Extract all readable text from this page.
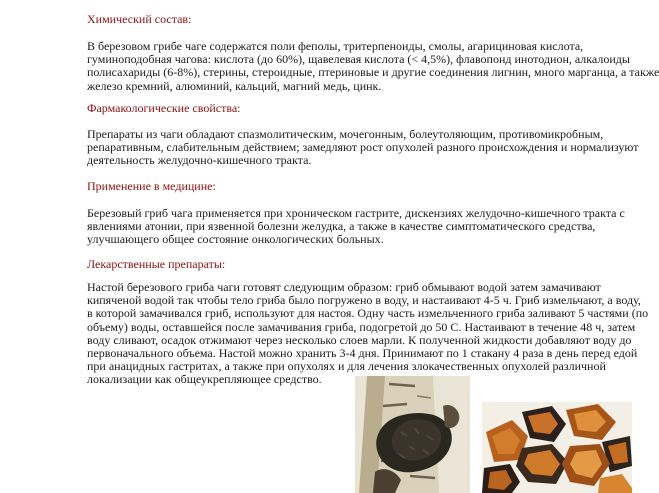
Химический состав:
В березовом грибе чаге содержатся поли феполы, тритерпеноиды, смолы, агарициновая кислота,
гуминоподобная чагова: кислота (до 60%), щавелевая кислота (< 4,5%), флавопонд инотодион, алкалоиды
полисахариды (6-8%), стерины, стероидные, птериновые и другие соединения лигнин, много марганца, а также
железо кремний, алюминий, кальций, магний медь, цинк.
Фармакологические свойства:
Препараты из чаги обладают спазмолитическим, мочегонным, болеутоляющим, противомикробным,
репаративным, слабительным действием; замедляют рост опухолей разного происхождения и нормализуют
деятельность желудочно-кишечного тракта.
Применение в медицине:
Березовый гриб чага применяется при хроническом гастрите, дискензиях желудочно-кишечного тракта с
явлениями атонии, при язвенной болезни желудка, а также в качестве симптоматического средства,
улучшающего общее состояние онкологических больных.
Лекарственные препараты:
Настой березового гриба чаги готовят следующим образом: гриб обмывают водой затем замачивают
кипяченой водой так чтобы тело гриба было погружено в воду, и настаивают 4-5 ч. Гриб измельчают, а воду,
в которой замачивался гриб, используют для настоя. Одну часть измельченного гриба заливают 5 частями (по
объему) воды, оставшейся после замачивания гриба, подогретой до 50 С. Настаивают в течение 48 ч, затем
воду сливают, осадок отжимают через несколько слоев марли. К полученной жидкости добавляют воду до
первоначального объема. Настой можно хранить 3-4 дня. Принимают по 1 стакану 4 раза в день перед едой
при анацидных гастритах, а также при опухолях и для лечения злокачественных опухолей различной
локализации как общеукрепляющее средство.
